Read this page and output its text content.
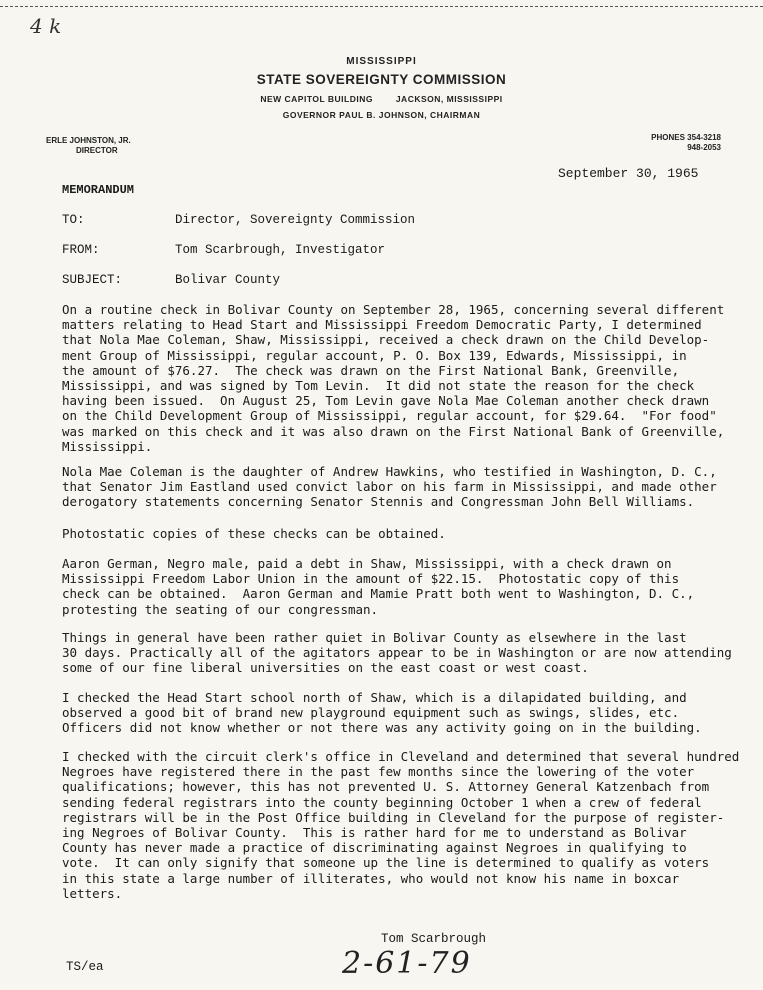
4 k
MISSISSIPPI
STATE SOVEREIGNTY COMMISSION
NEW CAPITOL BUILDING	JACKSON, MISSISSIPPI
GOVERNOR PAUL B. JOHNSON, CHAIRMAN
ERLE JOHNSTON, JR.
DIRECTOR
PHONES 354-3218
948-2053
September 30, 1965
MEMORANDUM
TO:	Director, Sovereignty Commission
FROM:	Tom Scarbrough, Investigator
SUBJECT:	Bolivar County
On a routine check in Bolivar County on September 28, 1965, concerning several different
matters relating to Head Start and Mississippi Freedom Democratic Party, I determined
that Nola Mae Coleman, Shaw, Mississippi, received a check drawn on the Child Develop-
ment Group of Mississippi, regular account, P. O. Box 139, Edwards, Mississippi, in
the amount of $76.27.  The check was drawn on the First National Bank, Greenville,
Mississippi, and was signed by Tom Levin.  It did not state the reason for the check
having been issued.  On August 25, Tom Levin gave Nola Mae Coleman another check drawn
on the Child Development Group of Mississippi, regular account, for $29.64.  "For food"
was marked on this check and it was also drawn on the First National Bank of Greenville,
Mississippi.
Nola Mae Coleman is the daughter of Andrew Hawkins, who testified in Washington, D. C.,
that Senator Jim Eastland used convict labor on his farm in Mississippi, and made other
derogatory statements concerning Senator Stennis and Congressman John Bell Williams.
Photostatic copies of these checks can be obtained.
Aaron German, Negro male, paid a debt in Shaw, Mississippi, with a check drawn on
Mississippi Freedom Labor Union in the amount of $22.15.  Photostatic copy of this
check can be obtained.  Aaron German and Mamie Pratt both went to Washington, D. C.,
protesting the seating of our congressman.
Things in general have been rather quiet in Bolivar County as elsewhere in the last
30 days. Practically all of the agitators appear to be in Washington or are now attending
some of our fine liberal universities on the east coast or west coast.
I checked the Head Start school north of Shaw, which is a dilapidated building, and
observed a good bit of brand new playground equipment such as swings, slides, etc.
Officers did not know whether or not there was any activity going on in the building.
I checked with the circuit clerk's office in Cleveland and determined that several hundred
Negroes have registered there in the past few months since the lowering of the voter
qualifications; however, this has not prevented U. S. Attorney General Katzenbach from
sending federal registrars into the county beginning October 1 when a crew of federal
registrars will be in the Post Office building in Cleveland for the purpose of register-
ing Negroes of Bolivar County.  This is rather hard for me to understand as Bolivar
County has never made a practice of discriminating against Negroes in qualifying to
vote.  It can only signify that someone up the line is determined to qualify as voters
in this state a large number of illiterates, who would not know his name in boxcar
letters.
Tom Scarbrough
TS/ea	2-61-79
